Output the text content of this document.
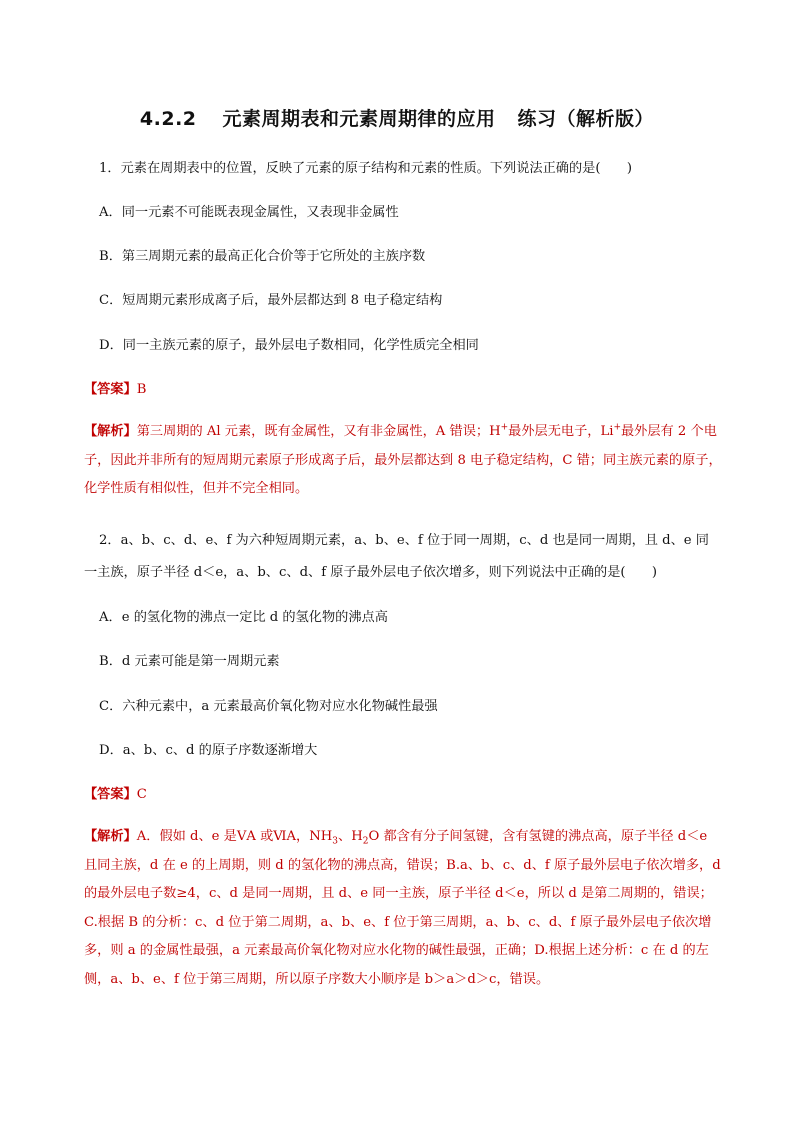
4.2.2 元素周期表和元素周期律的应用 练习（解析版）
1．元素在周期表中的位置，反映了元素的原子结构和元素的性质。下列说法正确的是(　　)
A．同一元素不可能既表现金属性，又表现非金属性
B．第三周期元素的最高正化合价等于它所处的主族序数
C．短周期元素形成离子后，最外层都达到 8 电子稳定结构
D．同一主族元素的原子，最外层电子数相同，化学性质完全相同
【答案】B
【解析】第三周期的 Al 元素，既有金属性，又有非金属性，A 错误；H+最外层无电子，Li+最外层有 2 个电子，因此并非所有的短周期元素原子形成离子后，最外层都达到 8 电子稳定结构，C 错；同主族元素的原子，化学性质有相似性，但并不完全相同。
2．a、b、c、d、e、f 为六种短周期元素，a、b、e、f 位于同一周期，c、d 也是同一周期，且 d、e 同
一主族，原子半径 d＜e，a、b、c、d、f 原子最外层电子依次增多，则下列说法中正确的是(　　)
A．e 的氢化物的沸点一定比 d 的氢化物的沸点高
B．d 元素可能是第一周期元素
C．六种元素中，a 元素最高价氧化物对应水化物碱性最强
D．a、b、c、d 的原子序数逐渐增大
【答案】C
【解析】A．假如 d、e 是ⅤA 或ⅥA，$NH_3$、$H_2O$ 都含有分子间氢键，含有氢键的沸点高，原子半径 d＜e 且同主族，d 在 e 的上周期，则 d 的氢化物的沸点高，错误；B.a、b、c、d、f 原子最外层电子依次增多，d 的最外层电子数≥4，c、d 是同一周期，且 d、e 同一主族，原子半径 d＜e，所以 d 是第二周期的，错误；C.根据 B 的分析：c、d 位于第二周期，a、b、e、f 位于第三周期，a、b、c、d、f 原子最外层电子依次增多，则 a 的金属性最强，a 元素最高价氧化物对应水化物的碱性最强，正确；D.根据上述分析：c 在 d 的左侧，a、b、e、f 位于第三周期，所以原子序数大小顺序是 b＞a＞d＞c，错误。
